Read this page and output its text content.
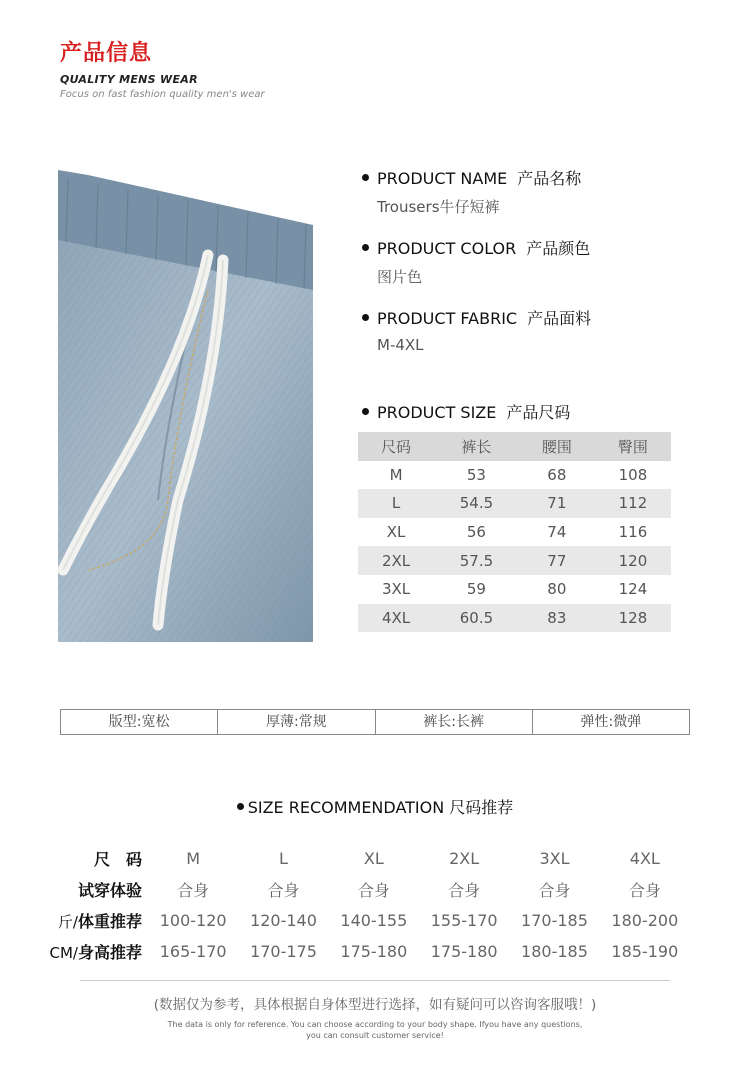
产品信息
QUALITY MENS WEAR
Focus on fast fashion quality men's wear
PRODUCT NAME 产品名称
Trousers牛仔短裤
PRODUCT COLOR 产品颜色
图片色
PRODUCT FABRIC 产品面料
M-4XL
PRODUCT SIZE 产品尺码
尺码	裤长	腰围	臀围
M	53	68	108
L	54.5	71	112
XL	56	74	116
2XL	57.5	77	120
3XL	59	80	124
4XL	60.5	83	128
版型:宽松	厚薄:常规	裤长:长裤	弹性:微弹
SIZE RECOMMENDATION 尺码推荐
尺　码	M	L	XL	2XL	3XL	4XL
试穿体验	合身	合身	合身	合身	合身	合身
斤/体重推荐	100-120	120-140	140-155	155-170	170-185	180-200
CM/身高推荐	165-170	170-175	175-180	175-180	180-185	185-190
(数据仅为参考，具体根据自身体型进行选择，如有疑问可以咨询客服哦！)
The data is only for reference. You can choose according to your body shape. Ifyou have any questions,
you can consult customer service!
